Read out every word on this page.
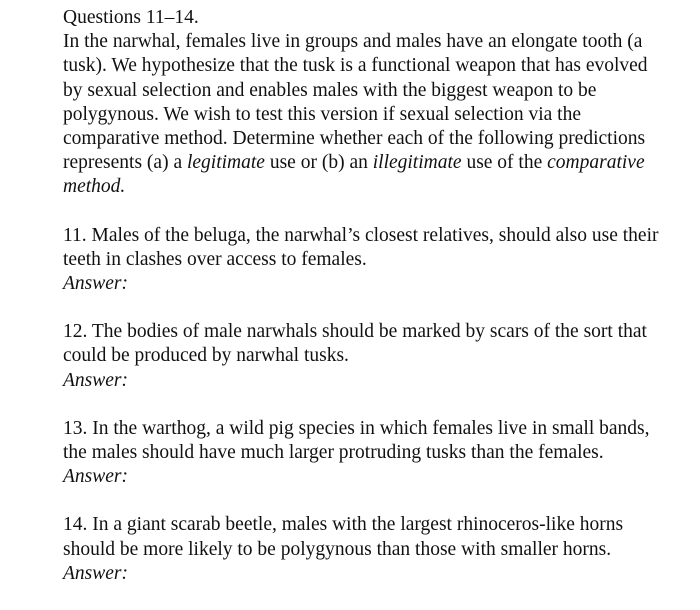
Questions 11–14.
In the narwhal, females live in groups and males have an elongate tooth (a tusk). We hypothesize that the tusk is a functional weapon that has evolved by sexual selection and enables males with the biggest weapon to be polygynous. We wish to test this version if sexual selection via the comparative method. Determine whether each of the following predictions represents (a) a legitimate use or (b) an illegitimate use of the comparative method.

11. Males of the beluga, the narwhal’s closest relatives, should also use their teeth in clashes over access to females.
Answer:
12. The bodies of male narwhals should be marked by scars of the sort that could be produced by narwhal tusks.
Answer:
13. In the warthog, a wild pig species in which females live in small bands, the males should have much larger protruding tusks than the females.
Answer:
14. In a giant scarab beetle, males with the largest rhinoceros-like horns should be more likely to be polygynous than those with smaller horns.
Answer:
